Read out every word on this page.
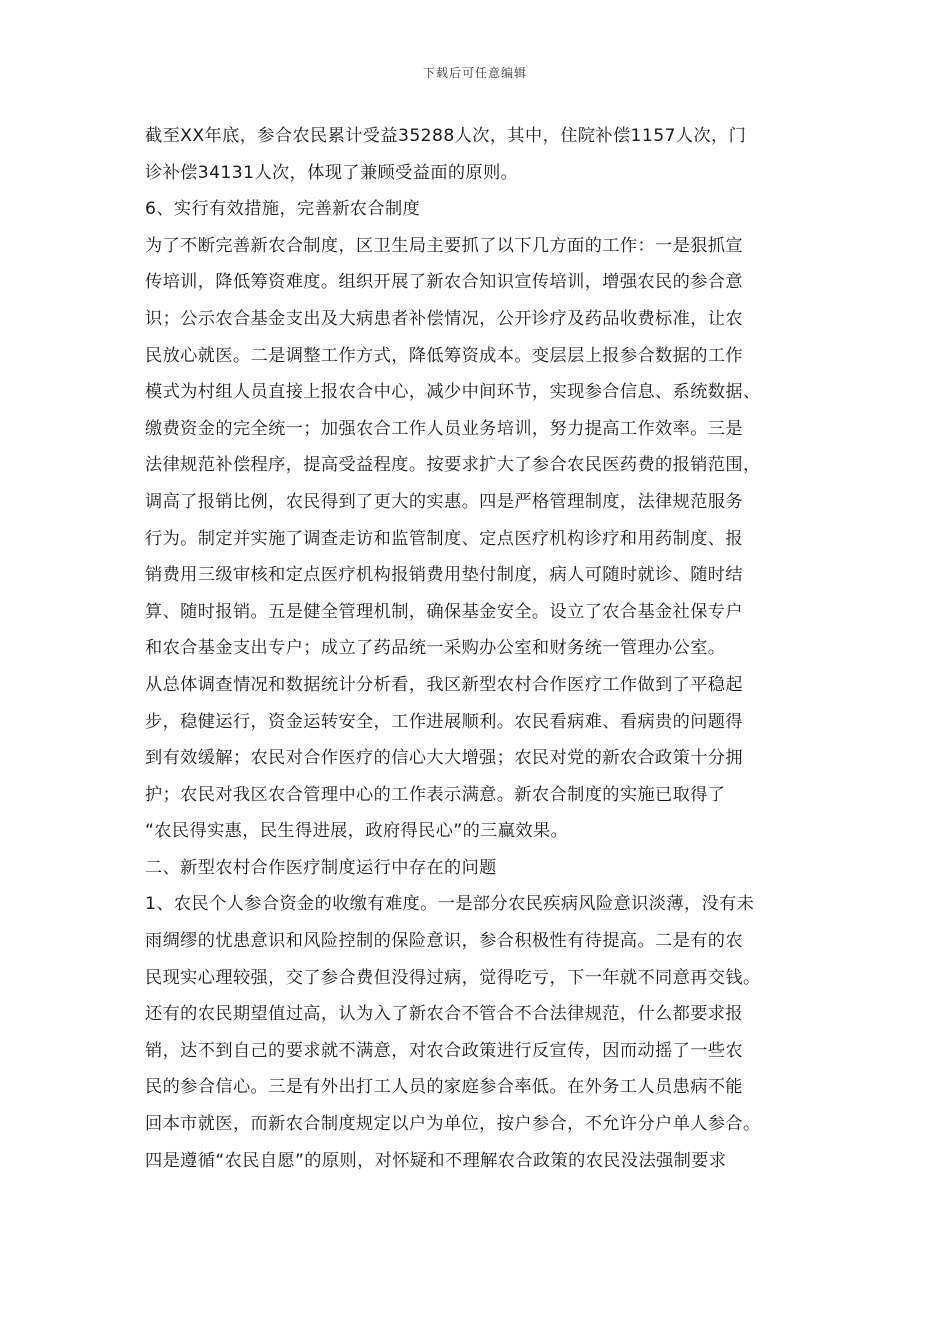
下载后可任意编辑
截至XX年底，参合农民累计受益35288人次，其中，住院补偿1157人次，门
诊补偿34131人次，体现了兼顾受益面的原则。
6、实行有效措施，完善新农合制度
为了不断完善新农合制度，区卫生局主要抓了以下几方面的工作：一是狠抓宣
传培训，降低筹资难度。组织开展了新农合知识宣传培训，增强农民的参合意
识；公示农合基金支出及大病患者补偿情况，公开诊疗及药品收费标准，让农
民放心就医。二是调整工作方式，降低筹资成本。变层层上报参合数据的工作
模式为村组人员直接上报农合中心，减少中间环节，实现参合信息、系统数据、
缴费资金的完全统一；加强农合工作人员业务培训，努力提高工作效率。三是
法律规范补偿程序，提高受益程度。按要求扩大了参合农民医药费的报销范围，
调高了报销比例，农民得到了更大的实惠。四是严格管理制度，法律规范服务
行为。制定并实施了调查走访和监管制度、定点医疗机构诊疗和用药制度、报
销费用三级审核和定点医疗机构报销费用垫付制度，病人可随时就诊、随时结
算、随时报销。五是健全管理机制，确保基金安全。设立了农合基金社保专户
和农合基金支出专户；成立了药品统一采购办公室和财务统一管理办公室。
从总体调查情况和数据统计分析看，我区新型农村合作医疗工作做到了平稳起
步，稳健运行，资金运转安全，工作进展顺利。农民看病难、看病贵的问题得
到有效缓解；农民对合作医疗的信心大大增强；农民对党的新农合政策十分拥
护；农民对我区农合管理中心的工作表示满意。新农合制度的实施已取得了
“农民得实惠，民生得进展，政府得民心”的三赢效果。
二、新型农村合作医疗制度运行中存在的问题
1、农民个人参合资金的收缴有难度。一是部分农民疾病风险意识淡薄，没有未
雨绸缪的忧患意识和风险控制的保险意识，参合积极性有待提高。二是有的农
民现实心理较强，交了参合费但没得过病，觉得吃亏，下一年就不同意再交钱。
还有的农民期望值过高，认为入了新农合不管合不合法律规范，什么都要求报
销，达不到自己的要求就不满意，对农合政策进行反宣传，因而动摇了一些农
民的参合信心。三是有外出打工人员的家庭参合率低。在外务工人员患病不能
回本市就医，而新农合制度规定以户为单位，按户参合，不允许分户单人参合。
四是遵循“农民自愿”的原则，对怀疑和不理解农合政策的农民没法强制要求
